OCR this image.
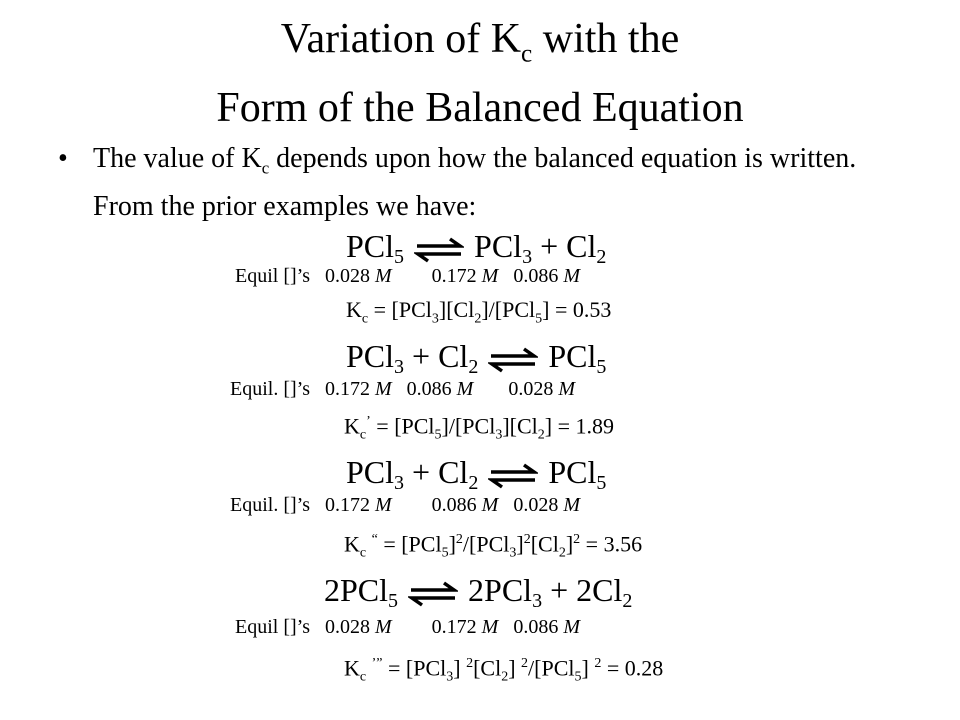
Variation of $K_c$ with the
Form of the Balanced Equation
• The value of $K_c$ depends upon how the balanced equation is written. From the prior examples we have:
PCl$_5$ ⇌ $PCl_3 + Cl_2$
Equil []’s   0.028 M        0.172 M   0.086 M
$K_c = [PCl_3][Cl_2]/[PCl_5] = 0.53$
$PCl_3 + Cl_2$ ⇌ PCl$_5$
Equil. []’s   0.172 M   0.086 M       0.028 M
$K_c^’ = [PCl_5]/[PCl_3][Cl_2] = 1.89$
$PCl_3 + Cl_2$ ⇌ PCl$_5$
Equil. []’s   0.172 M        0.086 M   0.028 M
$K_c$ $^“ = [PCl_5]^2/[PCl_3]^2[Cl_2]^2 = 3.56$
2PCl$_5$ ⇌ $2PCl_3 + 2Cl_2$
Equil []’s   0.028 M        0.172 M   0.086 M
$K_c$ ’” = [PCl$_3$] $^2[Cl_2]$ $^2$/[PCl$_5$] $^2$ = 0.28
